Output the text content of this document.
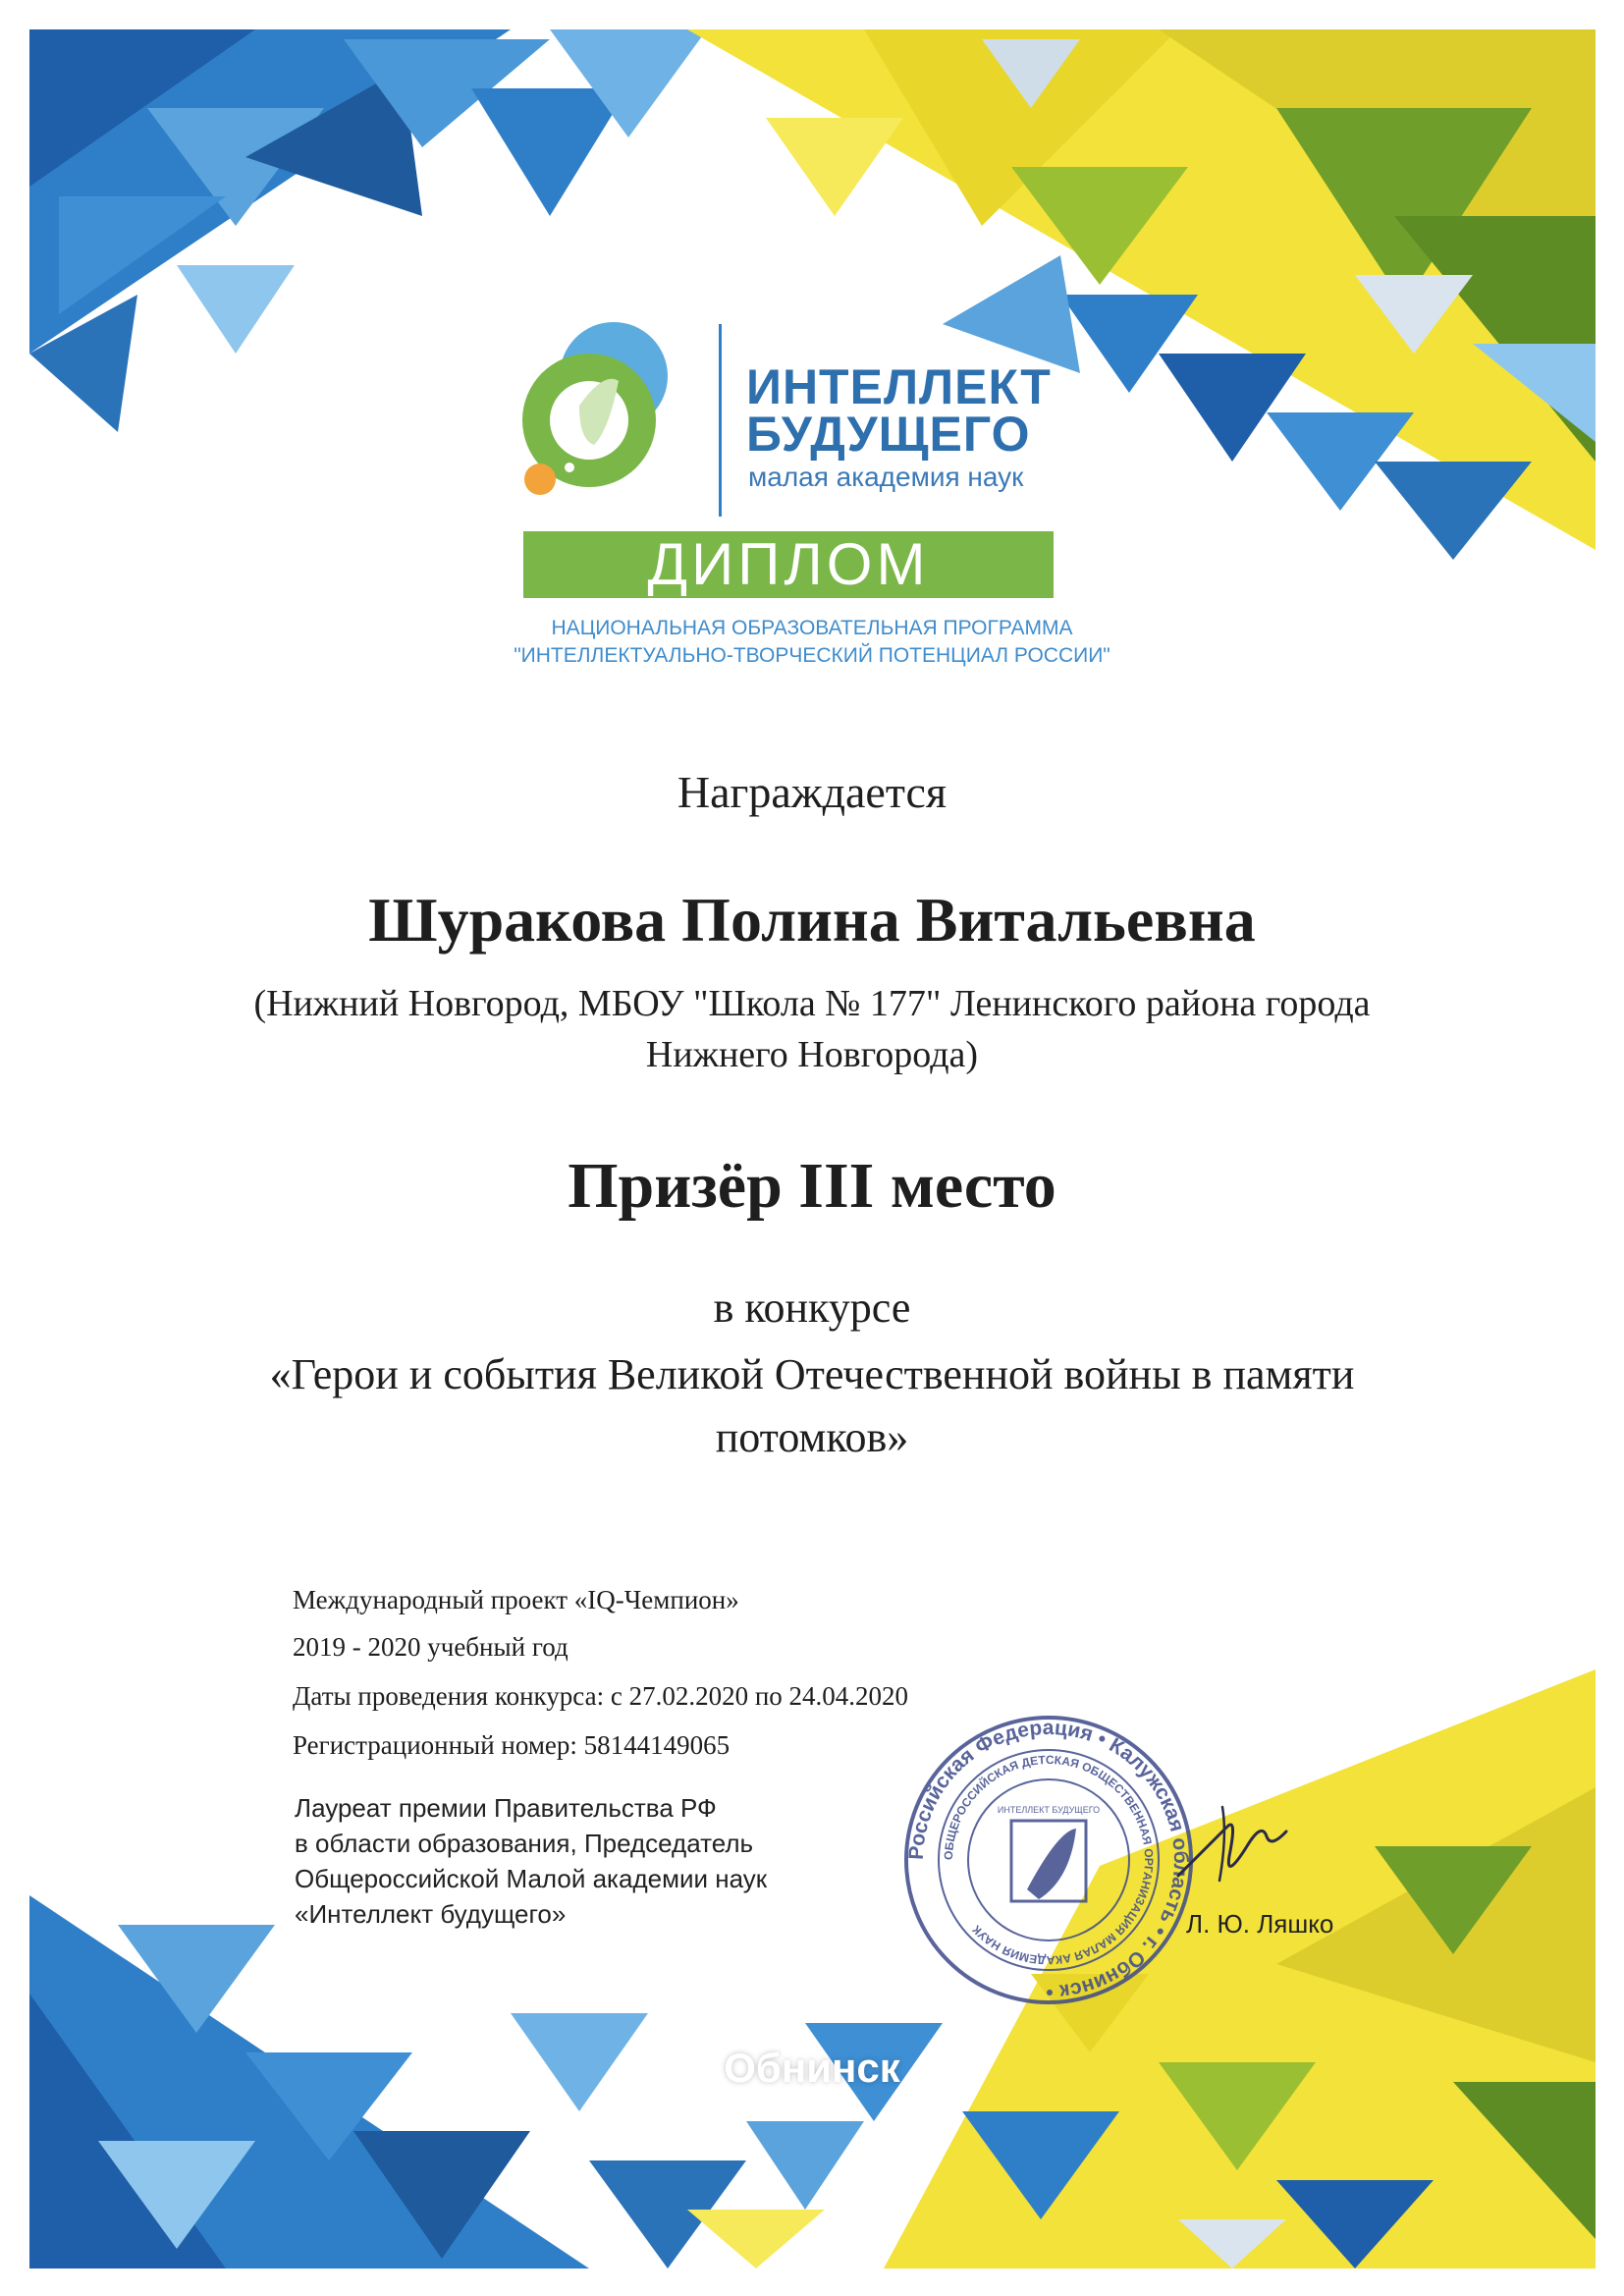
ИНТЕЛЛЕКТ
БУДУЩЕГО
малая академия наук
ДИПЛОМ
НАЦИОНАЛЬНАЯ ОБРАЗОВАТЕЛЬНАЯ ПРОГРАММА
"ИНТЕЛЛЕКТУАЛЬНО-ТВОРЧЕСКИЙ ПОТЕНЦИАЛ РОССИИ"
Награждается
Шуракова Полина Витальевна
(Нижний Новгород, МБОУ "Школа № 177" Ленинского района города
Нижнего Новгорода)
Призёр III место
в конкурсе
«Герои и события Великой Отечественной войны в памяти
потомков»
Международный проект «IQ-Чемпион»
2019 - 2020 учебный год
Даты проведения конкурса: с 27.02.2020 по 24.04.2020
Регистрационный номер: 58144149065
Лауреат премии Правительства РФ
в области образования, Председатель
Общероссийской Малой академии наук
«Интеллект будущего»	Л. Ю. Ляшко
Российская Федерация • Калужская область • г. Обнинск •
ОБЩЕРОССИЙСКАЯ ДЕТСКАЯ ОБЩЕСТВЕННАЯ ОРГАНИЗАЦИЯ МАЛАЯ АКАДЕМИЯ НАУК
ИНТЕЛЛЕКТ БУДУЩЕГО
Обнинск
